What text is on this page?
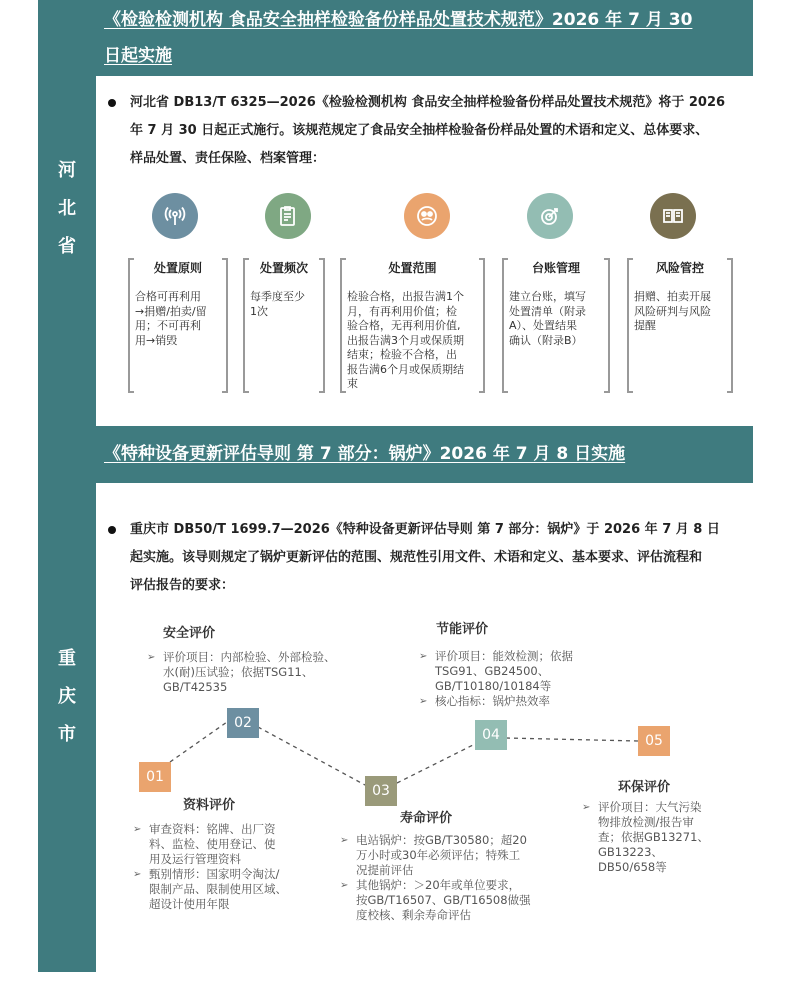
河
北
省
重
庆
市
《检验检测机构 食品安全抽样检验备份样品处置技术规范》2026 年 7 月 30
日起实施
河北省 DB13/T 6325—2026《检验检测机构 食品安全抽样检验备份样品处置技术规范》将于 2026
年 7 月 30 日起正式施行。该规范规定了食品安全抽样检验备份样品处置的术语和定义、总体要求、
样品处置、责任保险、档案管理：
处置原则
合格可再利用
→捐赠/拍卖/留
用；不可再利
用→销毁
处置频次
每季度至少
1次
处置范围
检验合格，出报告满1个
月，有再利用价值；检
验合格，无再利用价值,
出报告满3个月或保质期
结束；检验不合格，出
报告满6个月或保质期结
束
台账管理
建立台账，填写
处置清单（附录
A）、处置结果
确认（附录B）
风险管控
捐赠、拍卖开展
风险研判与风险
提醒
《特种设备更新评估导则 第 7 部分：锅炉》2026 年 7 月 8 日实施
重庆市 DB50/T 1699.7—2026《特种设备更新评估导则 第 7 部分：锅炉》于 2026 年 7 月 8 日
起实施。该导则规定了锅炉更新评估的范围、规范性引用文件、术语和定义、基本要求、评估流程和
评估报告的要求：
01
02
03
04	05
安全评价
➢ 评价项目：内部检验、外部检验、
水(耐)压试验；依据TSG11、
GB/T42535
节能评价
➢ 评价项目：能效检测；依据
TSG91、GB24500、
GB/T10180/10184等
➢ 核心指标：锅炉热效率
资料评价
➢ 审查资料：铭牌、出厂资
料、监检、使用登记、使
用及运行管理资料
➢ 甄别情形：国家明令淘汰/
限制产品、限制使用区域、
超设计使用年限
寿命评价
➢ 电站锅炉：按GB/T30580；超20
万小时或30年必须评估；特殊工
况提前评估
➢ 其他锅炉：＞20年或单位要求，
按GB/T16507、GB/T16508做强
度校核、剩余寿命评估
环保评价
➢ 评价项目：大气污染
物排放检测/报告审
查；依据GB13271、
GB13223、
DB50/658等
